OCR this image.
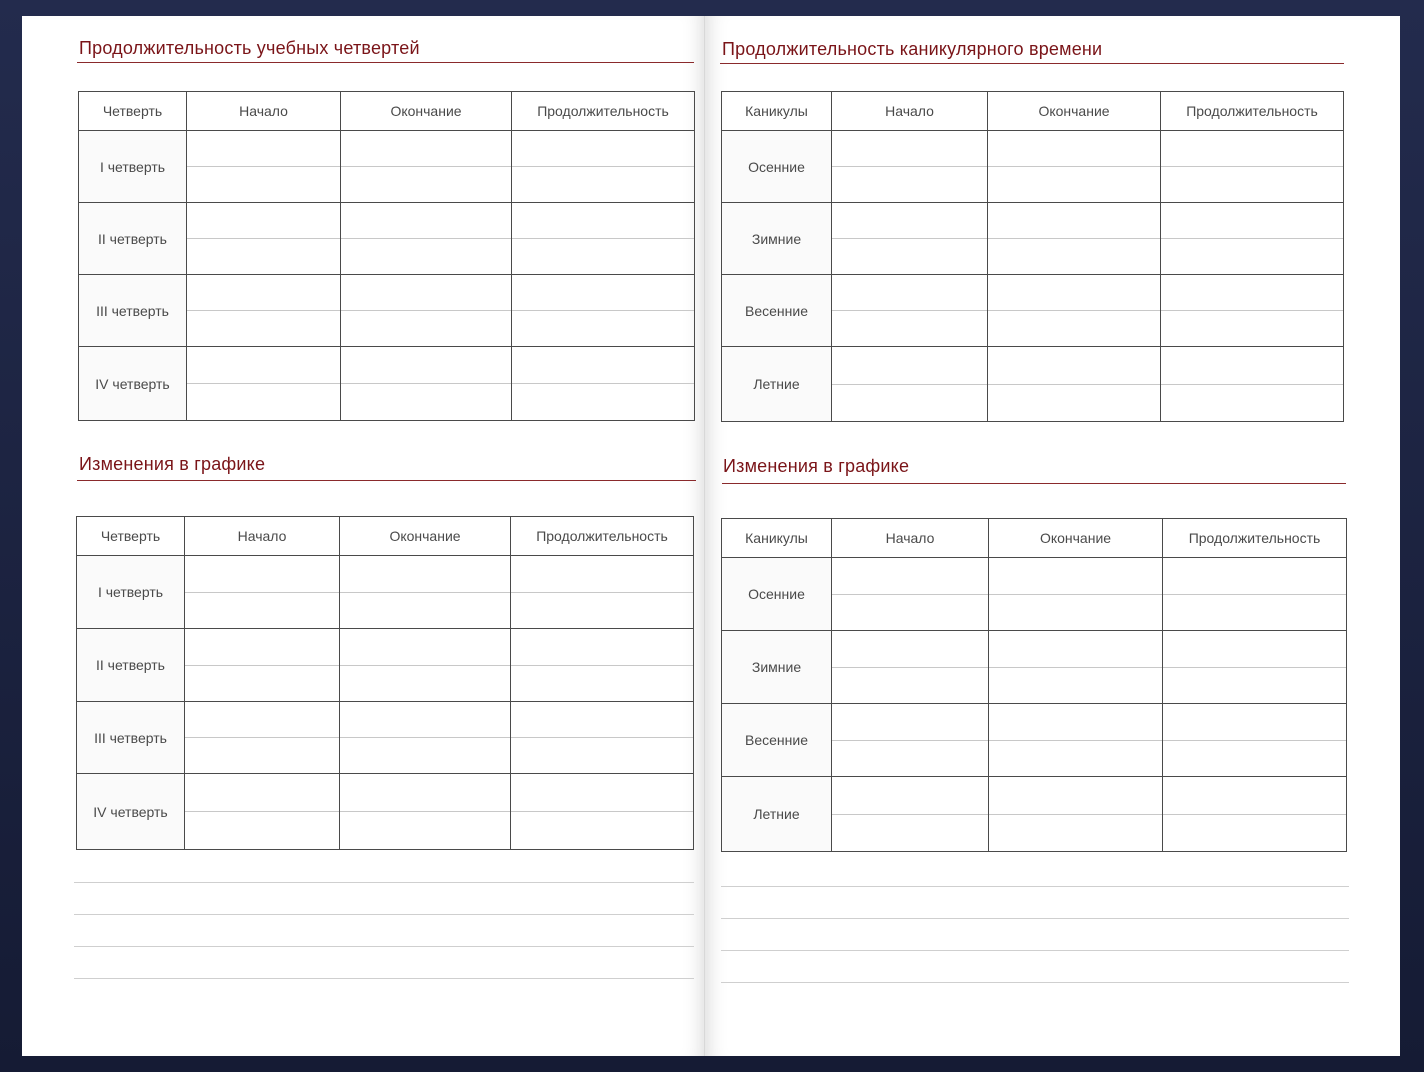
Продолжительность учебных четвертей
Четверть	Начало	Окончание	Продолжительность
I четверть			
II четверть			
III четверть			
IV четверть			
Изменения в графике
Четверть	Начало	Окончание	Продолжительность
I четверть			
II четверть			
III четверть			
IV четверть			
Продолжительность каникулярного времени
Каникулы	Начало	Окончание	Продолжительность
Осенние			
Зимние			
Весенние			
Летние			
Изменения в графике
Каникулы	Начало	Окончание	Продолжительность
Осенние			
Зимние			
Весенние			
Летние			
